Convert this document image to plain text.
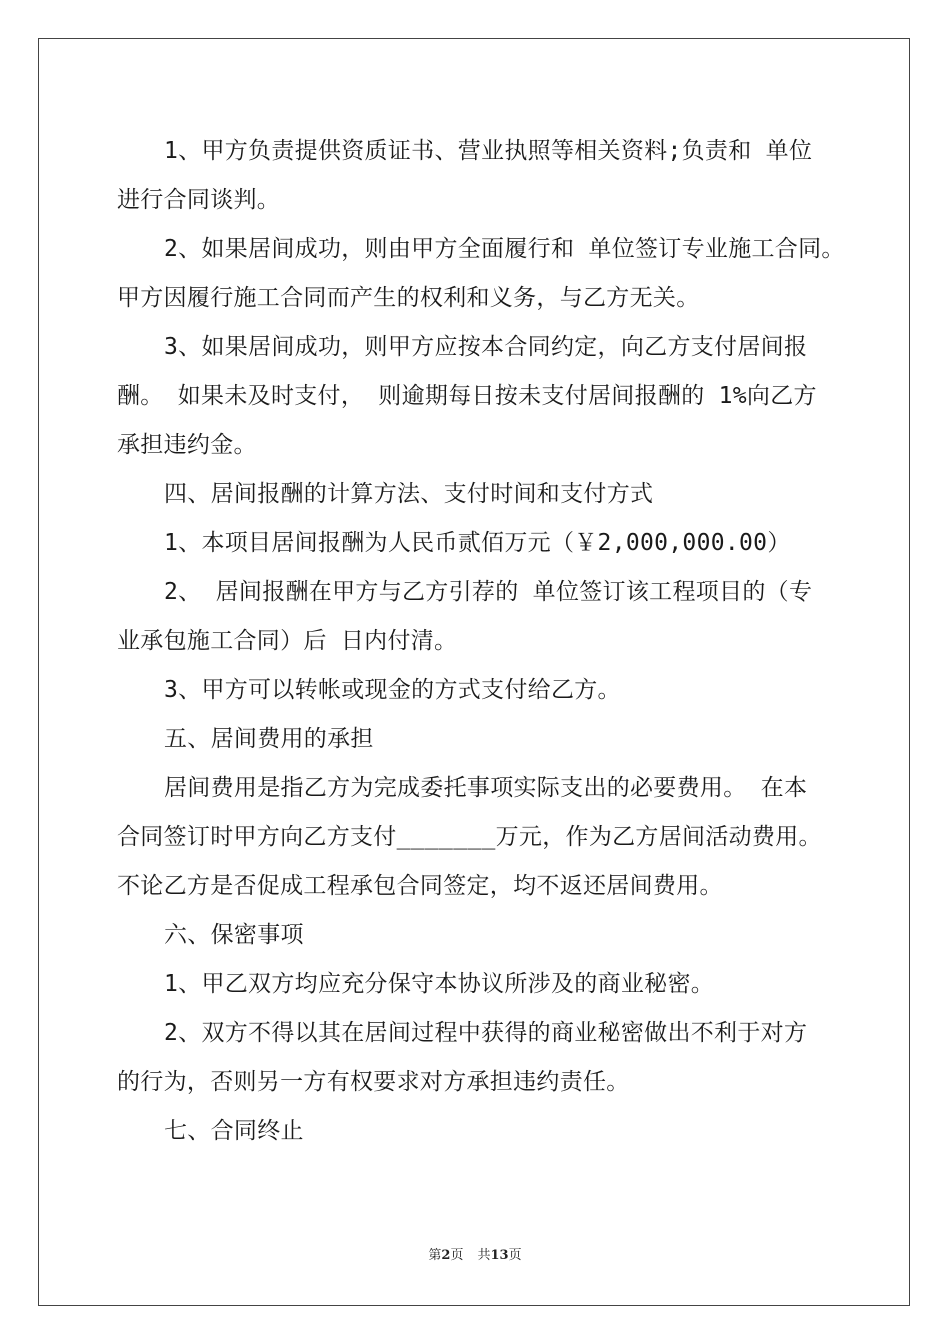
1、甲方负责提供资质证书、营业执照等相关资料;负责和 单位
进行合同谈判。
2、如果居间成功，则由甲方全面履行和 单位签订专业施工合同。
甲方因履行施工合同而产生的权利和义务，与乙方无关。
3、如果居间成功，则甲方应按本合同约定，向乙方支付居间报
酬。 如果未及时支付， 则逾期每日按未支付居间报酬的 1%向乙方
承担违约金。
四、居间报酬的计算方法、支付时间和支付方式
1、本项目居间报酬为人民币贰佰万元（￥2,000,000.00）
2、 居间报酬在甲方与乙方引荐的 单位签订该工程项目的（专
业承包施工合同）后 日内付清。
3、甲方可以转帐或现金的方式支付给乙方。
五、居间费用的承担
居间费用是指乙方为完成委托事项实际支出的必要费用。 在本
合同签订时甲方向乙方支付_______万元，作为乙方居间活动费用。
不论乙方是否促成工程承包合同签定，均不返还居间费用。
六、保密事项
1、甲乙双方均应充分保守本协议所涉及的商业秘密。
2、双方不得以其在居间过程中获得的商业秘密做出不利于对方
的行为，否则另一方有权要求对方承担违约责任。
七、合同终止
第2页 共13页
